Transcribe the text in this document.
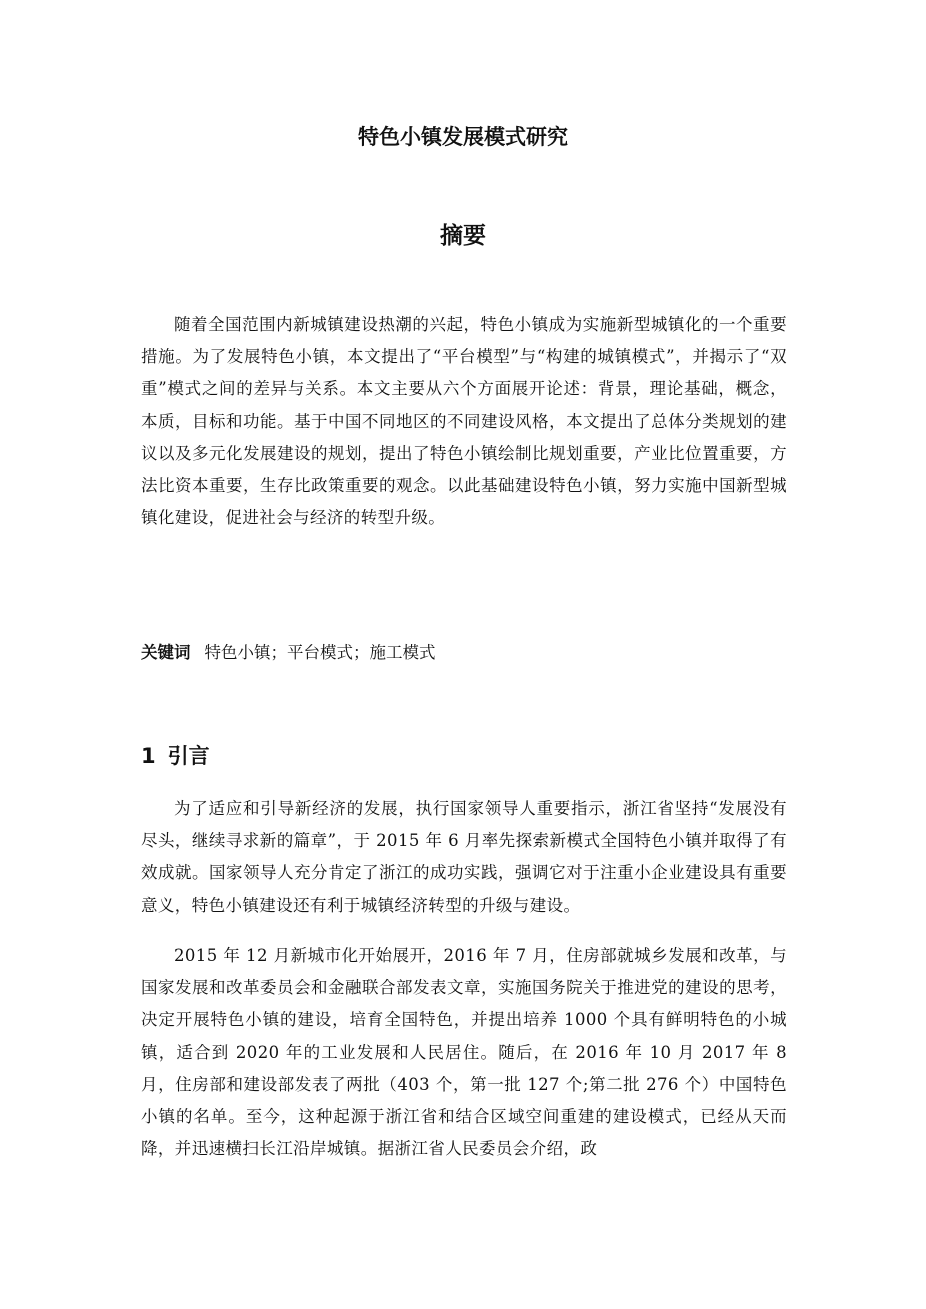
特色小镇发展模式研究
摘要

随着全国范围内新城镇建设热潮的兴起，特色小镇成为实施新型城镇化的一个重要措施。为了发展特色小镇，本文提出了“平台模型”与“构建的城镇模式”，并揭示了“双重”模式之间的差异与关系。本文主要从六个方面展开论述：背景，理论基础，概念，本质，目标和功能。基于中国不同地区的不同建设风格，本文提出了总体分类规划的建议以及多元化发展建设的规划，提出了特色小镇绘制比规划重要，产业比位置重要，方法比资本重要，生存比政策重要的观念。以此基础建设特色小镇，努力实施中国新型城镇化建设，促进社会与经济的转型升级。

关键词 特色小镇；平台模式；施工模式

1 引言

为了适应和引导新经济的发展，执行国家领导人重要指示，浙江省坚持“发展没有尽头，继续寻求新的篇章”，于 2015 年 6 月率先探索新模式全国特色小镇并取得了有效成就。国家领导人充分肯定了浙江的成功实践，强调它对于注重小企业建设具有重要意义，特色小镇建设还有利于城镇经济转型的升级与建设。

2015 年 12 月新城市化开始展开，2016 年 7 月，住房部就城乡发展和改革，与国家发展和改革委员会和金融联合部发表文章，实施国务院关于推进党的建设的思考，决定开展特色小镇的建设，培育全国特色，并提出培养 1000 个具有鲜明特色的小城镇，适合到 2020 年的工业发展和人民居住。随后，在 2016 年 10 月 2017 年 8 月，住房部和建设部发表了两批（403 个，第一批 127 个;第二批 276 个）中国特色小镇的名单。至今，这种起源于浙江省和结合区域空间重建的建设模式，已经从天而降，并迅速横扫长江沿岸城镇。据浙江省人民委员会介绍，政
